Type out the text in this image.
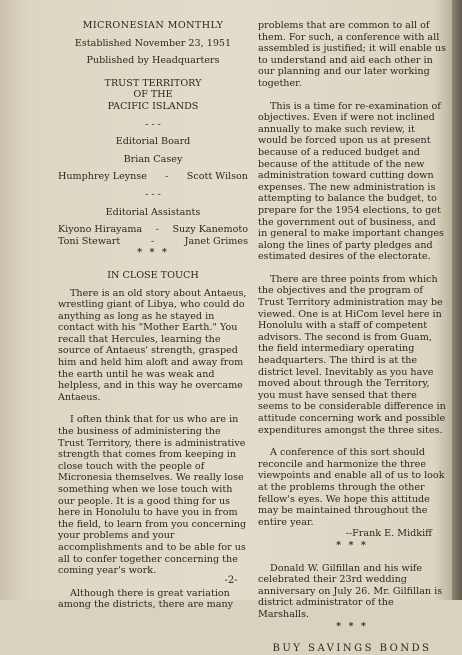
MICRONESIAN MONTHLY
Established November 23, 1951
Published by Headquarters
TRUST TERRITORY
OF THE
PACIFIC ISLANDS
- - -
Editorial Board
Brian Casey
Humphrey Leynse - Scott Wilson
- - -
Editorial Assistants
Kiyono Hirayama - Suzy Kanemoto
Toni Stewart	-	Janet Grimes
* * *
IN CLOSE TOUCH

There is an old story about Antaeus, wrestling giant of Libya, who could do anything as long as he stayed in contact with his "Mother Earth." You recall that Hercules, learning the source of Antaeus' strength, grasped him and held him aloft and away from the earth until he was weak and helpless, and in this way he overcame Antaeus.

I often think that for us who are in the business of administering the Trust Territory, there is administrative strength that comes from keeping in close touch with the people of Micronesia themselves. We really lose something when we lose touch with our people. It is a good thing for us here in Honolulu to have you in from the field, to learn from you concerning your problems and your accomplishments and to be able for us all to confer together concerning the coming year's work.

Although there is great variation among the districts, there are many

problems that are common to all of them. For such, a conference with all assembled is justified; it will enable us to understand and aid each other in our planning and our later working together.

This is a time for re-examination of objectives. Even if were not inclined annually to make such review, it would be forced upon us at present because of a reduced budget and because of the attitude of the new administration toward cutting down expenses. The new administration is attempting to balance the budget, to prepare for the 1954 elections, to get the government out of business, and in general to make important changes along the lines of party pledges and estimated desires of the electorate.

There are three points from which the objectives and the program of Trust Territory administration may be viewed. One is at HiCom level here in Honolulu with a staff of competent advisors. The second is from Guam, the field intermediary operating headquarters. The third is at the district level. Inevitably as you have moved about through the Territory, you must have sensed that there seems to be considerable difference in attitude concerning work and possible expenditures amongst the three sites.

A conference of this sort should reconcile and harmonize the three viewpoints and enable all of us to look at the problems through the other fellow's eyes. We hope this attitude may be maintained throughout the entire year.

--Frank E. Midkiff
* * *

Donald W. Gilfillan and his wife celebrated their 23rd wedding anniversary on July 26. Mr. Gilfillan is district administrator of the Marshalls.

* * *
BUY SAVINGS BONDS
-2-
